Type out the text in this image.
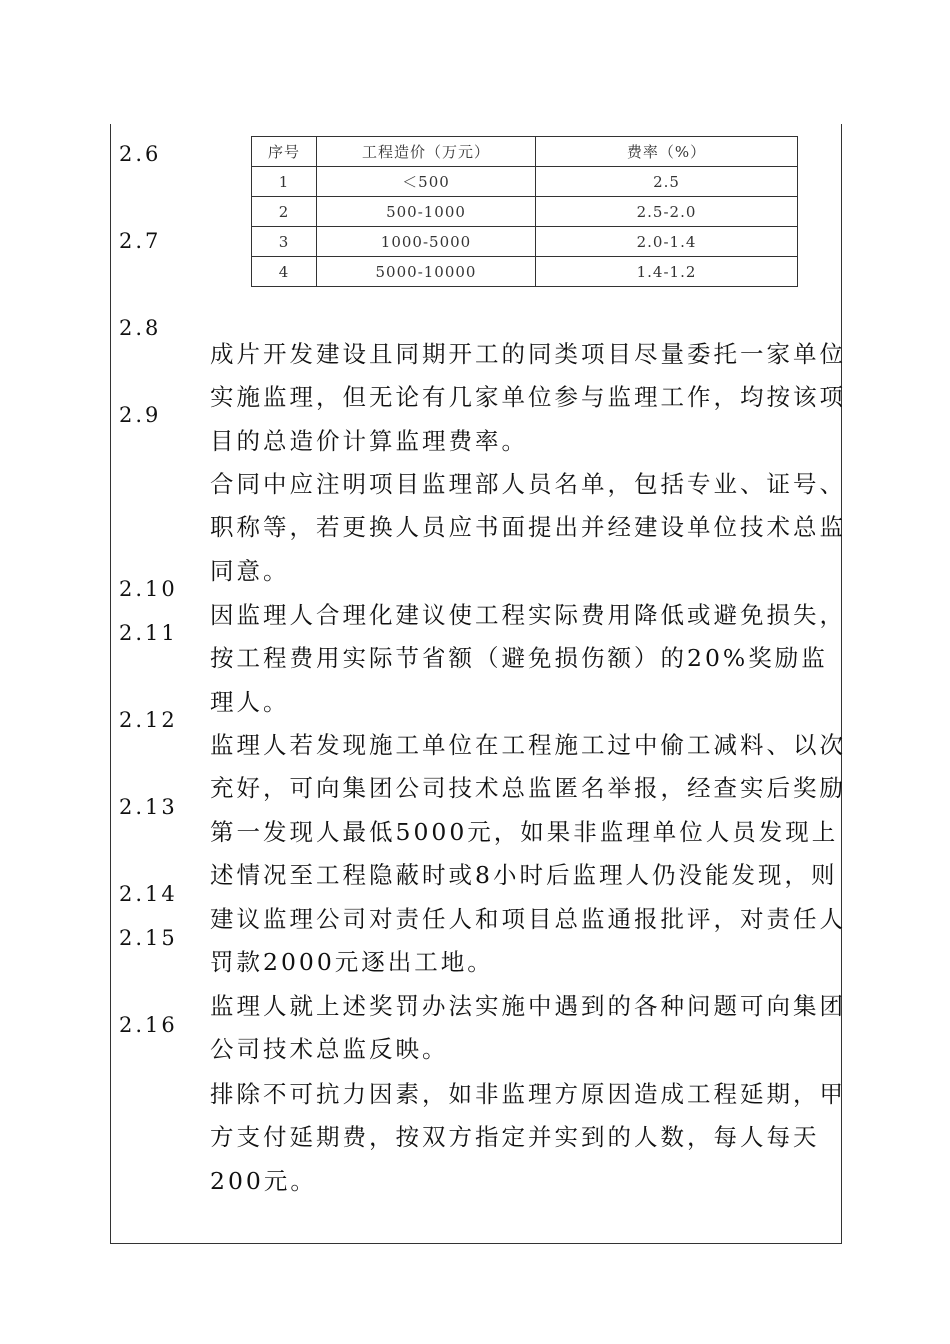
2.6
2.7
2.8
2.9
2.10
2.11
2.12
2.13
2.14
2.15
2.16
序号	工程造价（万元）	费率（%）
1	＜500	2.5
2	500-1000	2.5-2.0
3	1000-5000	2.0-1.4
4	5000-10000	1.4-1.2

成片开发建设且同期开工的同类项目尽量委托一家单位实施监理，但无论有几家单位参与监理工作，均按该项目的总造价计算监理费率。

合同中应注明项目监理部人员名单，包括专业、证号、职称等，若更换人员应书面提出并经建设单位技术总监同意。

因监理人合理化建议使工程实际费用降低或避免损失，按工程费用实际节省额（避免损伤额）的20%奖励监理人。

监理人若发现施工单位在工程施工过中偷工减料、以次充好，可向集团公司技术总监匿名举报，经查实后奖励第一发现人最低5000元，如果非监理单位人员发现上述情况至工程隐蔽时或8小时后监理人仍没能发现，则建议监理公司对责任人和项目总监通报批评，对责任人罚款2000元逐出工地。

监理人就上述奖罚办法实施中遇到的各种问题可向集团公司技术总监反映。

排除不可抗力因素，如非监理方原因造成工程延期，甲方支付延期费，按双方指定并实到的人数，每人每天200元。
